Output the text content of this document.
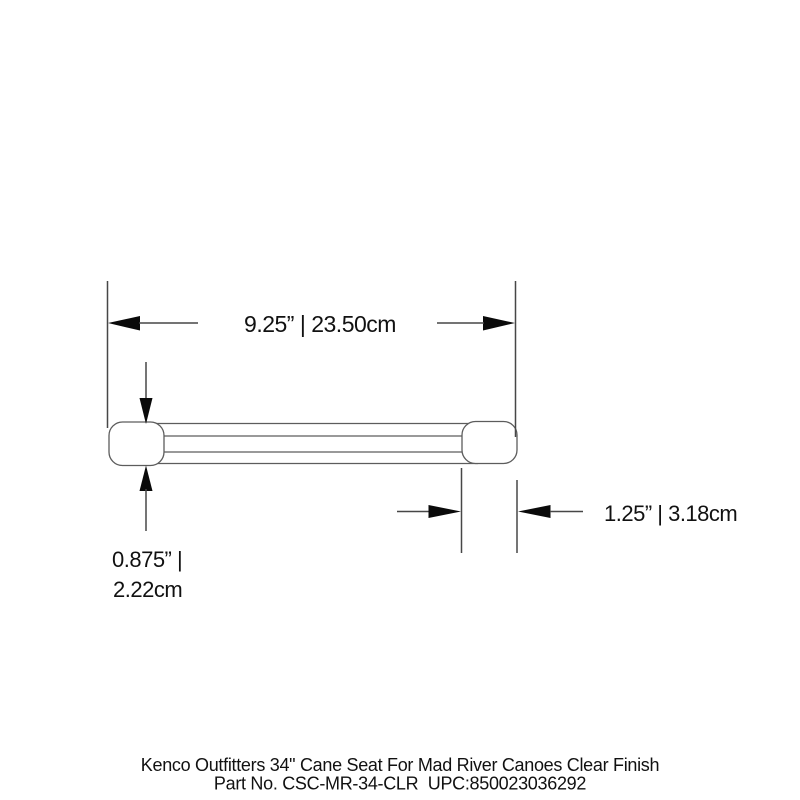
9.25” | 23.50cm
0.875” |
2.22cm
1.25” | 3.18cm
Kenco Outfitters 34" Cane Seat For Mad River Canoes Clear Finish
Part No. CSC-MR-34-CLR  UPC:850023036292
